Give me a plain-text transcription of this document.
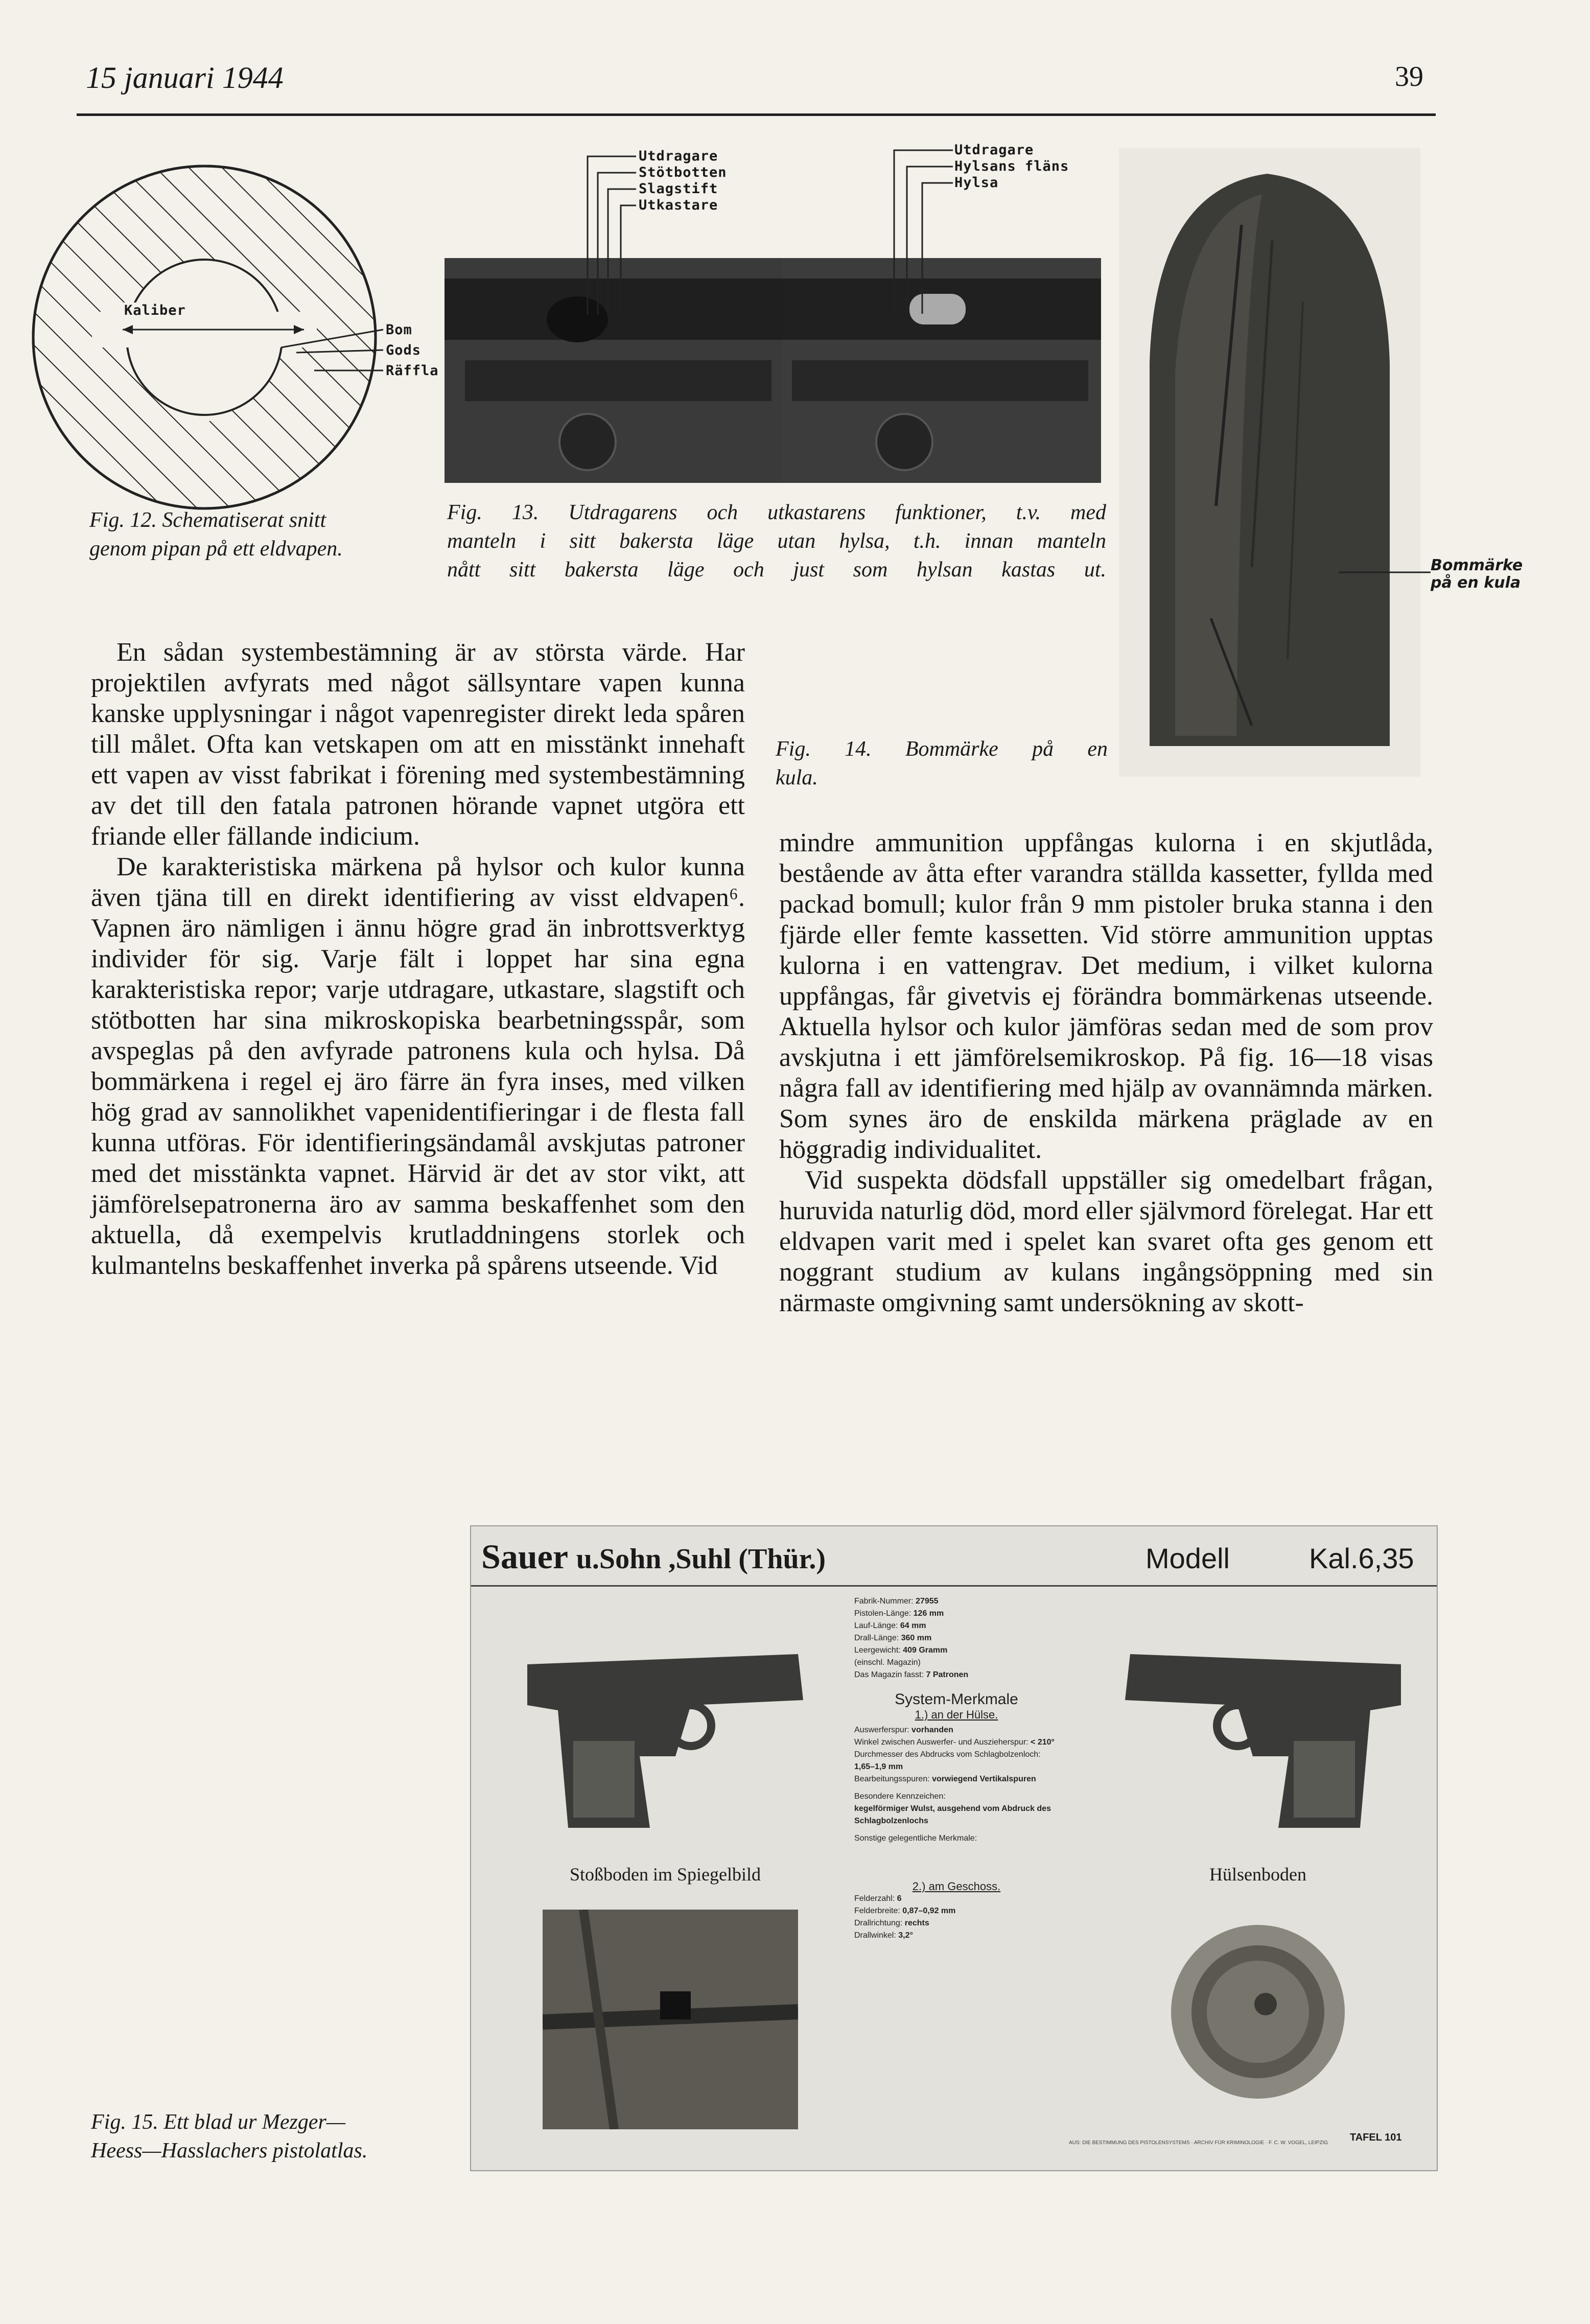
15 januari 1944	39
Kaliber
Bom
Gods
Räffla
Fig. 12. Schematiserat snitt
genom pipan på ett eldvapen.
Utdragare
Stötbotten
Slagstift
Utkastare
Utdragare
Hylsans fläns
Hylsa
Fig. 13. Utdragarens och utkastarens funktioner, t.v. med
manteln i sitt bakersta läge utan hylsa, t.h. innan manteln
nått sitt bakersta läge och just som hylsan kastas ut.	Bommärke
på en kula
Fig. 14. Bommärke på en
kula.

En sådan systembestämning är av största värde. Har projektilen avfyrats med något sällsyntare vapen kunna kanske upplysningar i något vapenregister direkt leda spåren till målet. Ofta kan vetskapen om att en misstänkt innehaft ett vapen av visst fabrikat i förening med systembestämning av det till den fatala patronen hörande vapnet utgöra ett friande eller fällande indicium.

De karakteristiska märkena på hylsor och kulor kunna även tjäna till en direkt identifiering av visst eldvapen⁶. Vapnen äro nämligen i ännu högre grad än inbrottsverktyg individer för sig. Varje fält i loppet har sina egna karakteristiska repor; varje utdragare, utkastare, slagstift och stötbotten har sina mikroskopiska bearbetningsspår, som avspeglas på den avfyrade patronens kula och hylsa. Då bommärkena i regel ej äro färre än fyra inses, med vilken hög grad av sannolikhet vapenidentifieringar i de flesta fall kunna utföras. För identifieringsändamål avskjutas patroner med det misstänkta vapnet. Härvid är det av stor vikt, att jämförelsepatronerna äro av samma beskaffenhet som den aktuella, då exempelvis krutladdningens storlek och kulmantelns beskaffenhet inverka på spårens utseende. Vid

mindre ammunition uppfångas kulorna i en skjutlåda, bestående av åtta efter varandra ställda kassetter, fyllda med packad bomull; kulor från 9 mm pistoler bruka stanna i den fjärde eller femte kassetten. Vid större ammunition upptas kulorna i en vattengrav. Det medium, i vilket kulorna uppfångas, får givetvis ej förändra bommärkenas utseende. Aktuella hylsor och kulor jämföras sedan med de som prov avskjutna i ett jämförelsemikroskop. På fig. 16—18 visas några fall av identifiering med hjälp av ovannämnda märken. Som synes äro de enskilda märkena präglade av en höggradig individualitet.

Vid suspekta dödsfall uppställer sig omedelbart frågan, huruvida naturlig död, mord eller självmord förelegat. Har ett eldvapen varit med i spelet kan svaret ofta ges genom ett noggrant studium av kulans ingångsöppning med sin närmaste omgivning samt undersökning av skott-

Sauer u.Sohn ,Suhl (Thür.)	Modell	Kal.6,35
Fabrik-Nummer: 27955
Pistolen-Länge: 126 mm
Lauf-Länge: 64 mm
Drall-Länge: 360 mm
Leergewicht: 409 Gramm
(einschl. Magazin)
Das Magazin fasst: 7 Patronen
System-Merkmale
1.) an der Hülse.
Auswerferspur: vorhanden
Winkel zwischen Auswerfer- und Auszieherspur: < 210°
Durchmesser des Abdrucks vom Schlagbolzenloch: 1,65–1,9 mm
Bearbeitungsspuren: vorwiegend Vertikalspuren
Besondere Kennzeichen:
kegelförmiger Wulst, ausgehend vom Abdruck des Schlagbolzenlochs
Sonstige gelegentliche Merkmale:
2.) am Geschoss.
Felderzahl: 6
Felderbreite: 0,87–0,92 mm
Drallrichtung: rechts
Drallwinkel: 3,2°
Stoßboden im Spiegelbild	Hülsenboden
AUS: DIE BESTIMMUNG DES PISTOLENSYSTEMS · ARCHIV FÜR KRIMINOLOGIE · F. C. W. VOGEL, LEIPZIG	TAFEL 101
Fig. 15. Ett blad ur Mezger—
Heess—Hasslachers pistolatlas.
